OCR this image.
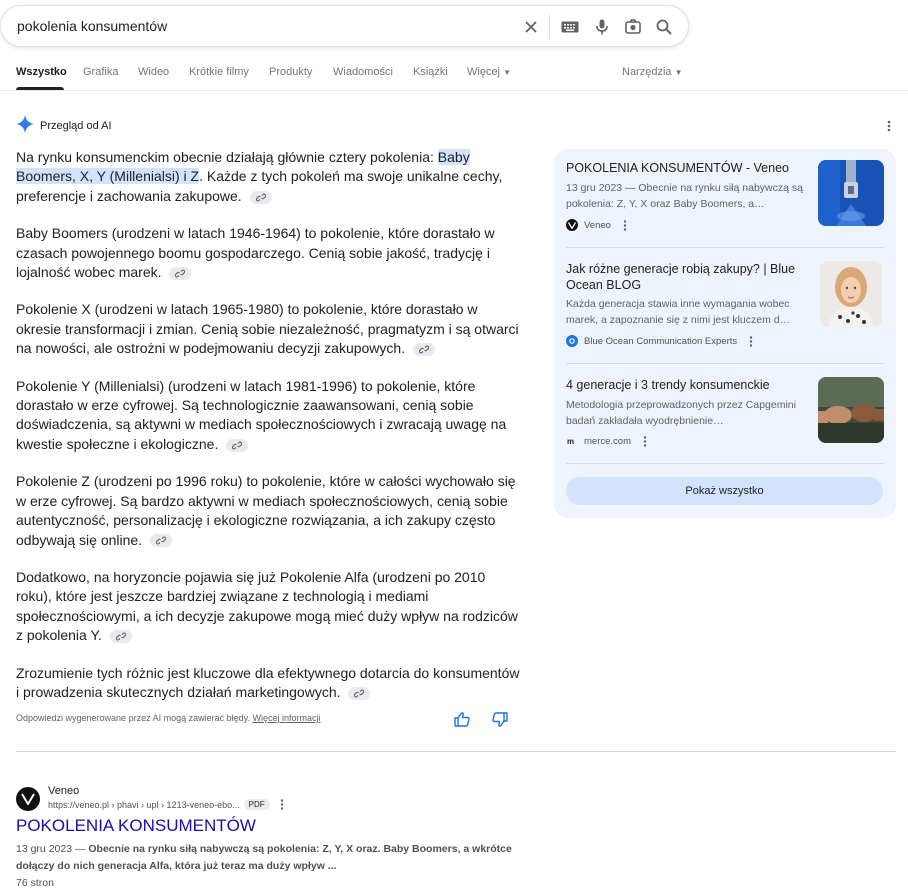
pokolenia konsumentów
Wszystko Grafika Wideo Krótkie filmy Produkty Wiadomości Książki Więcej ▼	Narzędzia ▼
Przegląd od AI

Na rynku konsumenckim obecnie działają głównie cztery pokolenia: Baby Boomers, X, Y (Millenialsi) i Z. Każde z tych pokoleń ma swoje unikalne cechy, preferencje i zachowania zakupowe.

Baby Boomers (urodzeni w latach 1946-1964) to pokolenie, które dorastało w czasach powojennego boomu gospodarczego. Cenią sobie jakość, tradycję i lojalność wobec marek.

Pokolenie X (urodzeni w latach 1965-1980) to pokolenie, które dorastało w okresie transformacji i zmian. Cenią sobie niezależność, pragmatyzm i są otwarci na nowości, ale ostrożni w podejmowaniu decyzji zakupowych.

Pokolenie Y (Millenialsi) (urodzeni w latach 1981-1996) to pokolenie, które dorastało w erze cyfrowej. Są technologicznie zaawansowani, cenią sobie doświadczenia, są aktywni w mediach społecznościowych i zwracają uwagę na kwestie społeczne i ekologiczne.

Pokolenie Z (urodzeni po 1996 roku) to pokolenie, które w całości wychowało się w erze cyfrowej. Są bardzo aktywni w mediach społecznościowych, cenią sobie autentyczność, personalizację i ekologiczne rozwiązania, a ich zakupy często odbywają się online.

Dodatkowo, na horyzoncie pojawia się już Pokolenie Alfa (urodzeni po 2010 roku), które jest jeszcze bardziej związane z technologią i mediami społecznościowymi, a ich decyzje zakupowe mogą mieć duży wpływ na rodziców z pokolenia Y.

Zrozumienie tych różnic jest kluczowe dla efektywnego dotarcia do konsumentów i prowadzenia skutecznych działań marketingowych.

Odpowiedzi wygenerowane przez AI mogą zawierać błędy. Więcej informacji
POKOLENIA KONSUMENTÓW - Veneo
13 gru 2023 — Obecnie na rynku siłą nabywczą są pokolenia: Z, Y, X oraz Baby Boomers, a…
Veneo
Jak różne generacje robią zakupy? | Blue Ocean BLOG
Każda generacja stawia inne wymagania wobec marek, a zapoznanie się z nimi jest kluczem d…
Blue Ocean Communication Experts
4 generacje i 3 trendy konsumenckie
Metodologia przeprowadzonych przez Capgemini badań zakładała wyodrębnienie…
m merce.com
Pokaż wszystko
Veneo
https://veneo.pl › phavi › upl › 1213-veneo-ebo...	PDF
POKOLENIA KONSUMENTÓW
13 gru 2023 — Obecnie na rynku siłą nabywczą są pokolenia: Z, Y, X oraz. Baby Boomers, a wkrótce dołączy do nich generacja Alfa, która już teraz ma duży wpływ ...
76 stron
